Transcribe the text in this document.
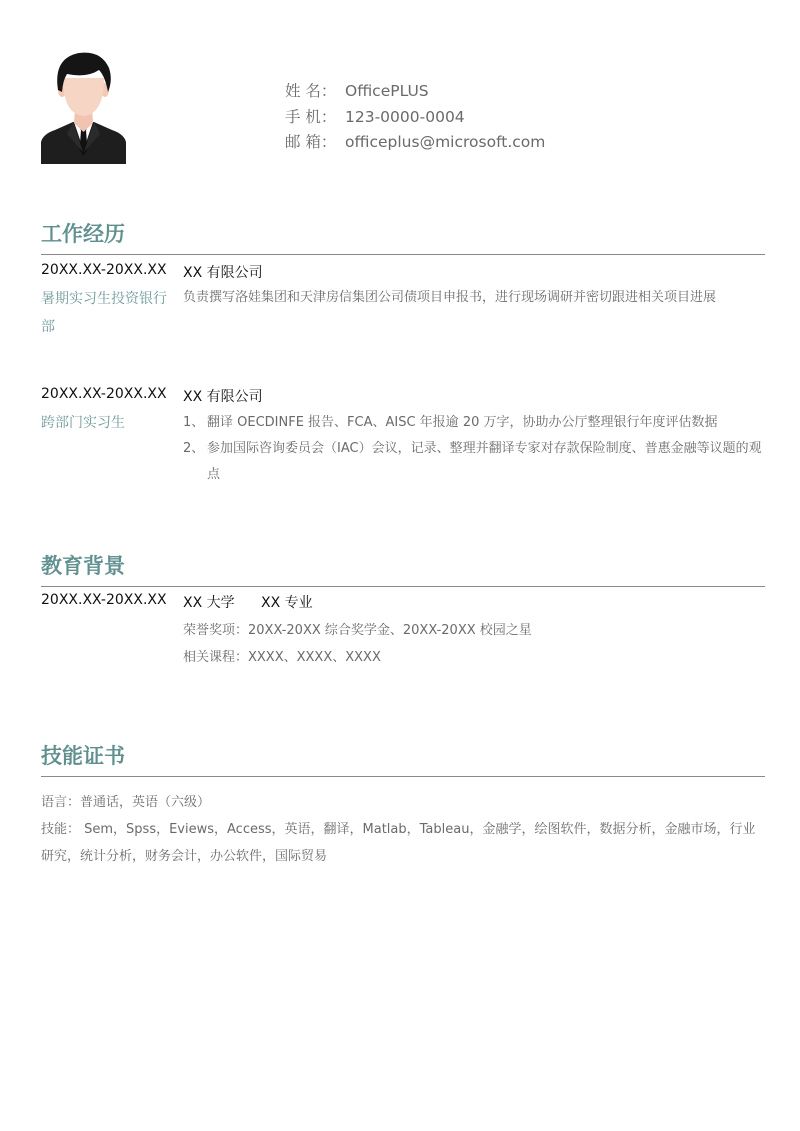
姓 名： OfficePLUS
手 机： 123-0000-0004
邮 箱： officeplus@microsoft.com
工作经历
20XX.XX-20XX.XX XX 有限公司
暑期实习生投资银行部
负责撰写洛娃集团和天津房信集团公司债项目申报书，进行现场调研并密切跟进相关项目进展
20XX.XX-20XX.XX XX 有限公司
跨部门实习生	1、 翻译 OECDINFE 报告、FCA、AISC 年报逾 20 万字，协助办公厅整理银行年度评估数据
2、 参加国际咨询委员会（IAC）会议，记录、整理并翻译专家对存款保险制度、普惠金融等议题的观点
教育背景
20XX.XX-20XX.XX XX 大学 XX 专业
荣誉奖项：20XX-20XX 综合奖学金、20XX-20XX 校园之星
相关课程：XXXX、XXXX、XXXX
技能证书
语言：普通话，英语（六级）
技能： Sem，Spss，Eviews，Access，英语，翻译，Matlab，Tableau，金融学，绘图软件，数据分析，金融市场，行业研究，统计分析，财务会计，办公软件，国际贸易
